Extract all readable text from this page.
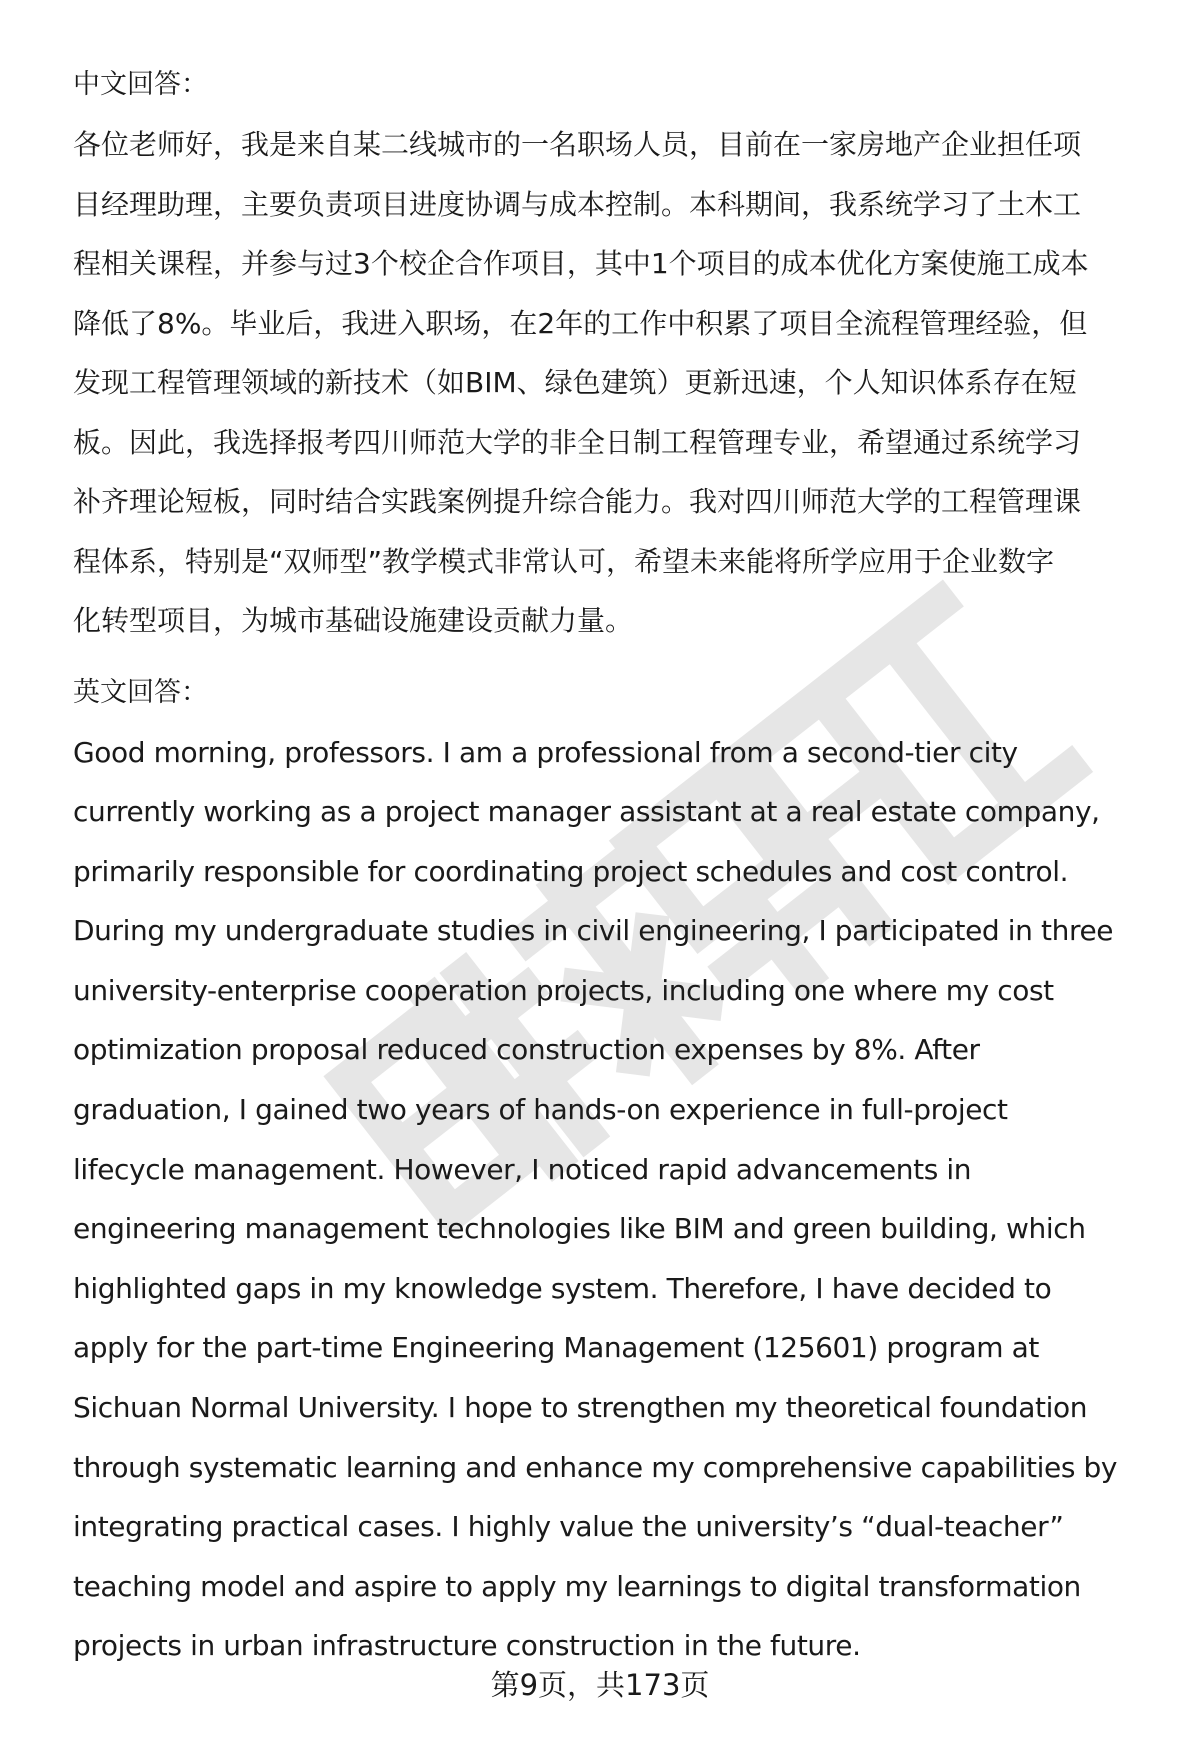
中文回答：

各位老师好，我是来自某二线城市的一名职场人员，目前在一家房地产企业担任项

目经理助理，主要负责项目进度协调与成本控制。本科期间，我系统学习了土木工

程相关课程，并参与过3个校企合作项目，其中1个项目的成本优化方案使施工成本

降低了8%。毕业后，我进入职场，在2年的工作中积累了项目全流程管理经验，但

发现工程管理领域的新技术（如BIM、绿色建筑）更新迅速，个人知识体系存在短

板。因此，我选择报考四川师范大学的非全日制工程管理专业，希望通过系统学习

补齐理论短板，同时结合实践案例提升综合能力。我对四川师范大学的工程管理课

程体系，特别是“双师型”教学模式非常认可，希望未来能将所学应用于企业数字

化转型项目，为城市基础设施建设贡献力量。

英文回答：

Good morning, professors. I am a professional from a second-tier city

currently working as a project manager assistant at a real estate company,

primarily responsible for coordinating project schedules and cost control.

During my undergraduate studies in civil engineering, I participated in three

university-enterprise cooperation projects, including one where my cost

optimization proposal reduced construction expenses by 8%. After

graduation, I gained two years of hands-on experience in full-project

lifecycle management. However, I noticed rapid advancements in

engineering management technologies like BIM and green building, which

highlighted gaps in my knowledge system. Therefore, I have decided to

apply for the part-time Engineering Management (125601) program at

Sichuan Normal University. I hope to strengthen my theoretical foundation

through systematic learning and enhance my comprehensive capabilities by

integrating practical cases. I highly value the university’s “dual-teacher”

teaching model and aspire to apply my learnings to digital transformation

projects in urban infrastructure construction in the future.

第9页，共173页
